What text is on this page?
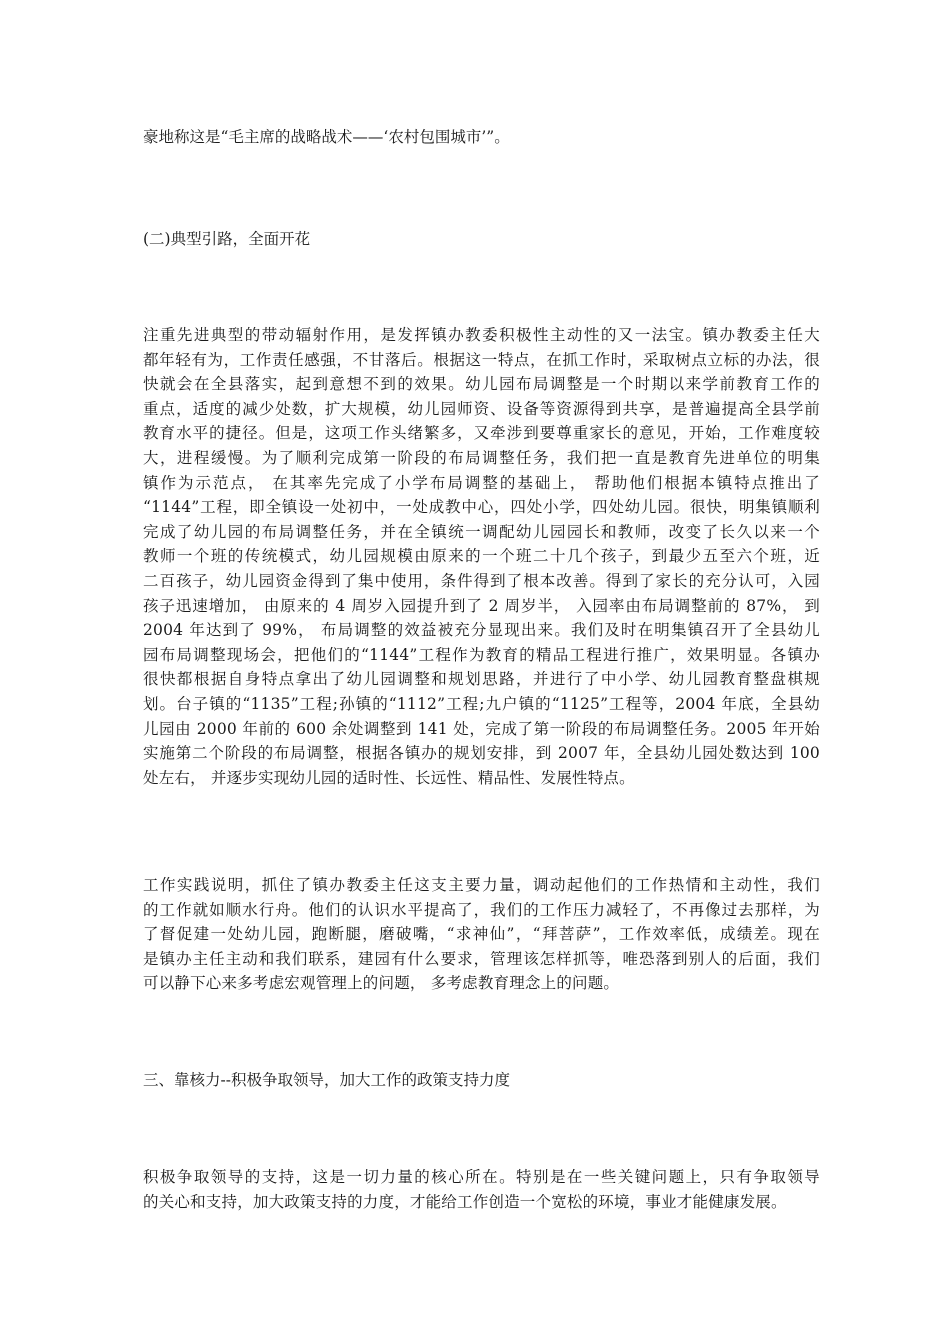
豪地称这是“毛主席的战略战术——‘农村包围城市’”。

(二)典型引路，全面开花

注重先进典型的带动辐射作用，是发挥镇办教委积极性主动性的又一法宝。镇办教委主任大
都年轻有为，工作责任感强，不甘落后。根据这一特点，在抓工作时，采取树点立标的办法，很
快就会在全县落实，起到意想不到的效果。幼儿园布局调整是一个时期以来学前教育工作的
重点，适度的减少处数，扩大规模，幼儿园师资、设备等资源得到共享，是普遍提高全县学前
教育水平的捷径。但是，这项工作头绪繁多，又牵涉到要尊重家长的意见，开始，工作难度较
大，进程缓慢。为了顺利完成第一阶段的布局调整任务，我们把一直是教育先进单位的明集
镇作为示范点， 在其率先完成了小学布局调整的基础上， 帮助他们根据本镇特点推出了
“1144”工程，即全镇设一处初中，一处成教中心，四处小学，四处幼儿园。很快，明集镇顺利
完成了幼儿园的布局调整任务，并在全镇统一调配幼儿园园长和教师，改变了长久以来一个
教师一个班的传统模式，幼儿园规模由原来的一个班二十几个孩子，到最少五至六个班，近
二百孩子，幼儿园资金得到了集中使用，条件得到了根本改善。得到了家长的充分认可，入园
孩子迅速增加， 由原来的 4 周岁入园提升到了 2 周岁半， 入园率由布局调整前的 87%， 到
2004 年达到了 99%， 布局调整的效益被充分显现出来。我们及时在明集镇召开了全县幼儿
园布局调整现场会，把他们的“1144”工程作为教育的精品工程进行推广，效果明显。各镇办
很快都根据自身特点拿出了幼儿园调整和规划思路，并进行了中小学、幼儿园教育整盘棋规
划。台子镇的“1135”工程;孙镇的“1112”工程;九户镇的“1125”工程等，2004 年底，全县幼
儿园由 2000 年前的 600 余处调整到 141 处，完成了第一阶段的布局调整任务。2005 年开始
实施第二个阶段的布局调整，根据各镇办的规划安排，到 2007 年，全县幼儿园处数达到 100
处左右， 并逐步实现幼儿园的适时性、长远性、精品性、发展性特点。
工作实践说明，抓住了镇办教委主任这支主要力量，调动起他们的工作热情和主动性，我们
的工作就如顺水行舟。他们的认识水平提高了，我们的工作压力减轻了，不再像过去那样，为
了督促建一处幼儿园，跑断腿，磨破嘴，“求神仙”，“拜菩萨”，工作效率低，成绩差。现在
是镇办主任主动和我们联系，建园有什么要求，管理该怎样抓等，唯恐落到别人的后面，我们
可以静下心来多考虑宏观管理上的问题， 多考虑教育理念上的问题。

三、靠核力--积极争取领导，加大工作的政策支持力度

积极争取领导的支持，这是一切力量的核心所在。特别是在一些关键问题上，只有争取领导
的关心和支持，加大政策支持的力度，才能给工作创造一个宽松的环境，事业才能健康发展。
